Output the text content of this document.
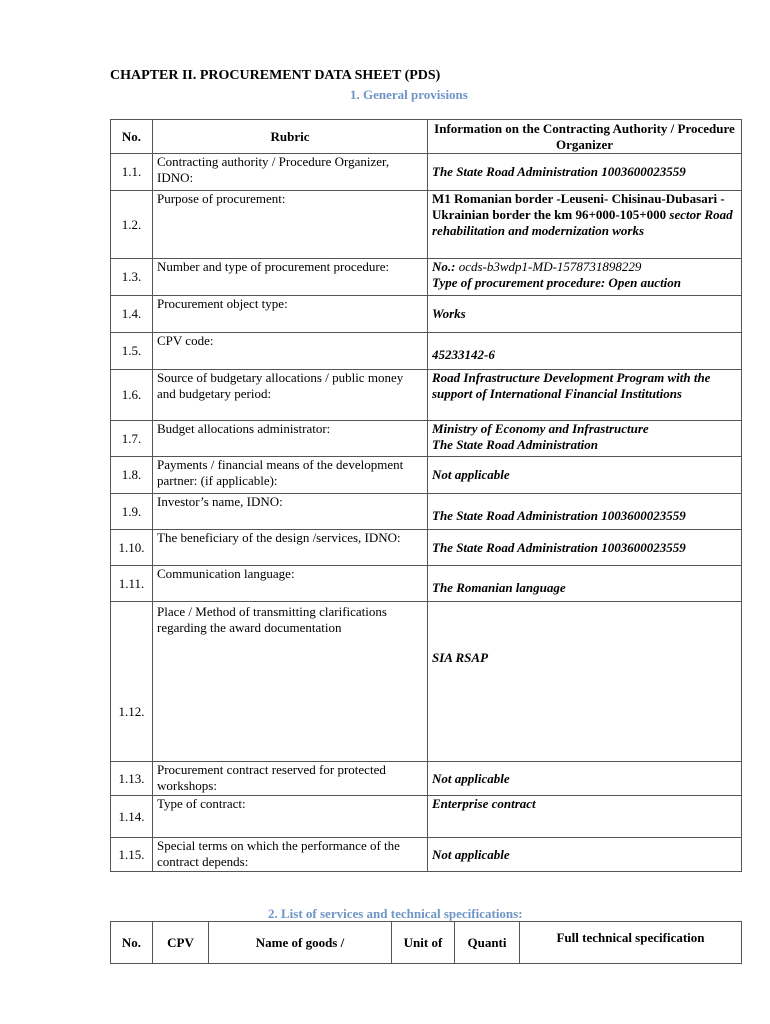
CHAPTER II. PROCUREMENT DATA SHEET (PDS)
1. General provisions
No.	Rubric	Information on the Contracting Authority / Procedure Organizer
1.1.	Contracting authority / Procedure Organizer, IDNO:	The State Road Administration 1003600023559
1.2.	Purpose of procurement:	M1 Romanian border -Leuseni- Chisinau-Dubasari -Ukrainian border the km 96+000-105+000 sector Road rehabilitation and modernization works
1.3.	Number and type of procurement procedure:	No.: ocds-b3wdp1-MD-1578731898229
Type of procurement procedure: Open auction
1.4.	Procurement object type:	Works
1.5.	CPV code:	45233142-6
1.6.	Source of budgetary allocations / public money and budgetary period:	Road Infrastructure Development Program with the support of International Financial Institutions
1.7.	Budget allocations administrator:	Ministry of Economy and Infrastructure
The State Road Administration
1.8.	Payments / financial means of the development partner: (if applicable):	Not applicable
1.9.	Investor’s name, IDNO:	The State Road Administration 1003600023559
1.10.	The beneficiary of the design /services, IDNO:	The State Road Administration 1003600023559
1.11.	Communication language:	The Romanian language
1.12.	Place / Method of transmitting clarifications regarding the award documentation	SIA RSAP
1.13.	Procurement contract reserved for protected workshops:	Not applicable
1.14.	Type of contract:	Enterprise contract
1.15.	Special terms on which the performance of the contract depends:	Not applicable
2. List of services and technical specifications:
No.	CPV	Name of goods /	Unit of	Quanti	Full technical specification
